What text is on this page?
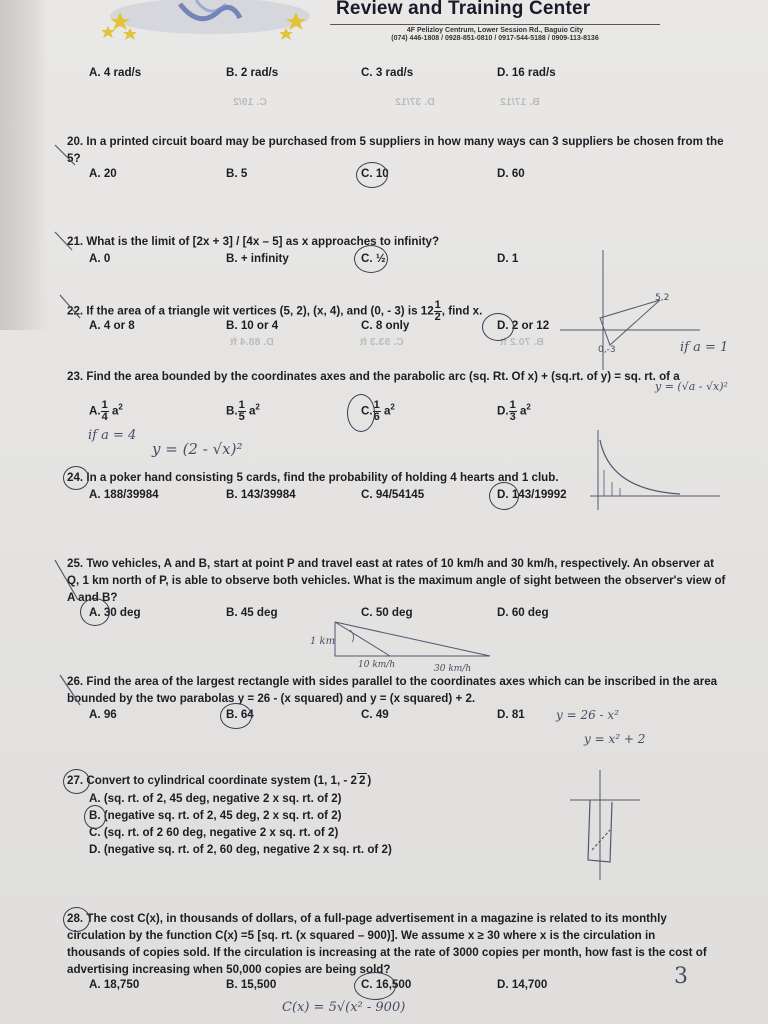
Review and Training Center
4F Pelizloy Centrum, Lower Session Rd., Baguio City
(074) 446-1808 / 0928-851-0810 / 0917-544-5188 / 0909-113-8136
D. 37/12
C. 19/2	B. 17/12
D. 88.4 ft	C. 93.3 ft	B. 70.2 ft
A. 4 rad/s	B. 2 rad/s	C. 3 rad/s	D. 16 rad/s
20. In a printed circuit board may be purchased from 5 suppliers in how many ways can 3 suppliers be chosen from the 5?
A. 20	B. 5	C. 10	D. 60
21. What is the limit of [2x + 3] / [4x – 5] as x approaches to infinity?
A. 0	B. + infinity	C. ½	D. 1
22. If the area of a triangle wit vertices (5, 2), (x, 4), and (0, - 3) is $12 \frac{1}{2}$ , find x.
A. 4 or 8	B. 10 or 4	C. 8 only	D. 2 or 12
if a = 1
23. Find the area bounded by the coordinates axes and the parabolic arc (sq. Rt. Of x) + (sq.rt. of y) = sq. rt. of a
A. $\frac{1}{4} a^2$	B. $\frac{1}{5} a^2$	C. $\frac{1}{6} a^2$	D. $\frac{1}{3} a^2$
if a = 4
y = (2 - √x)²
y = (√a - √x)²
24. In a poker hand consisting 5 cards, find the probability of holding 4 hearts and 1 club.
A. 188/39984	B. 143/39984	C. 94/54145	D. 143/19992
25. Two vehicles, A and B, start at point P and travel east at rates of 10 km/h and 30 km/h, respectively. An observer at Q, 1 km north of P, is able to observe both vehicles. What is the maximum angle of sight between the observer's view of A and B?
A. 30 deg	B. 45 deg	C. 50 deg	D. 60 deg
1 km
10 km/h	30 km/h
26. Find the area of the largest rectangle with sides parallel to the coordinates axes which can be inscribed in the area bounded by the two parabolas y = 26 - (x squared) and y = (x squared) + 2.
A. 96	B. 64	C. 49	D. 81	y = 26 - x²
y = x² + 2
27. Convert to cylindrical coordinate system (1, 1, - 2 2 )
A. (sq. rt. of 2, 45 deg, negative 2 x sq. rt. of 2)
B. (negative sq. rt. of 2, 45 deg, 2 x sq. rt. of 2)
C. (sq. rt. of 2 60 deg, negative 2 x sq. rt. of 2)
D. (negative sq. rt. of 2, 60 deg, negative 2 x sq. rt. of 2)
28. The cost C(x), in thousands of dollars, of a full-page advertisement in a magazine is related to its monthly circulation by the function C(x) =5 [sq. rt. (x squared – 900)]. We assume x ≥ 30 where x is the circulation in thousands of copies sold. If the circulation is increasing at the rate of 3000 copies per month, how fast is the cost of advertising increasing when 50,000 copies are being sold?
A. 18,750	B. 15,500	C. 16,500	D. 14,700
C(x) = 5√(x² - 900)
3
5,2
0,-3
